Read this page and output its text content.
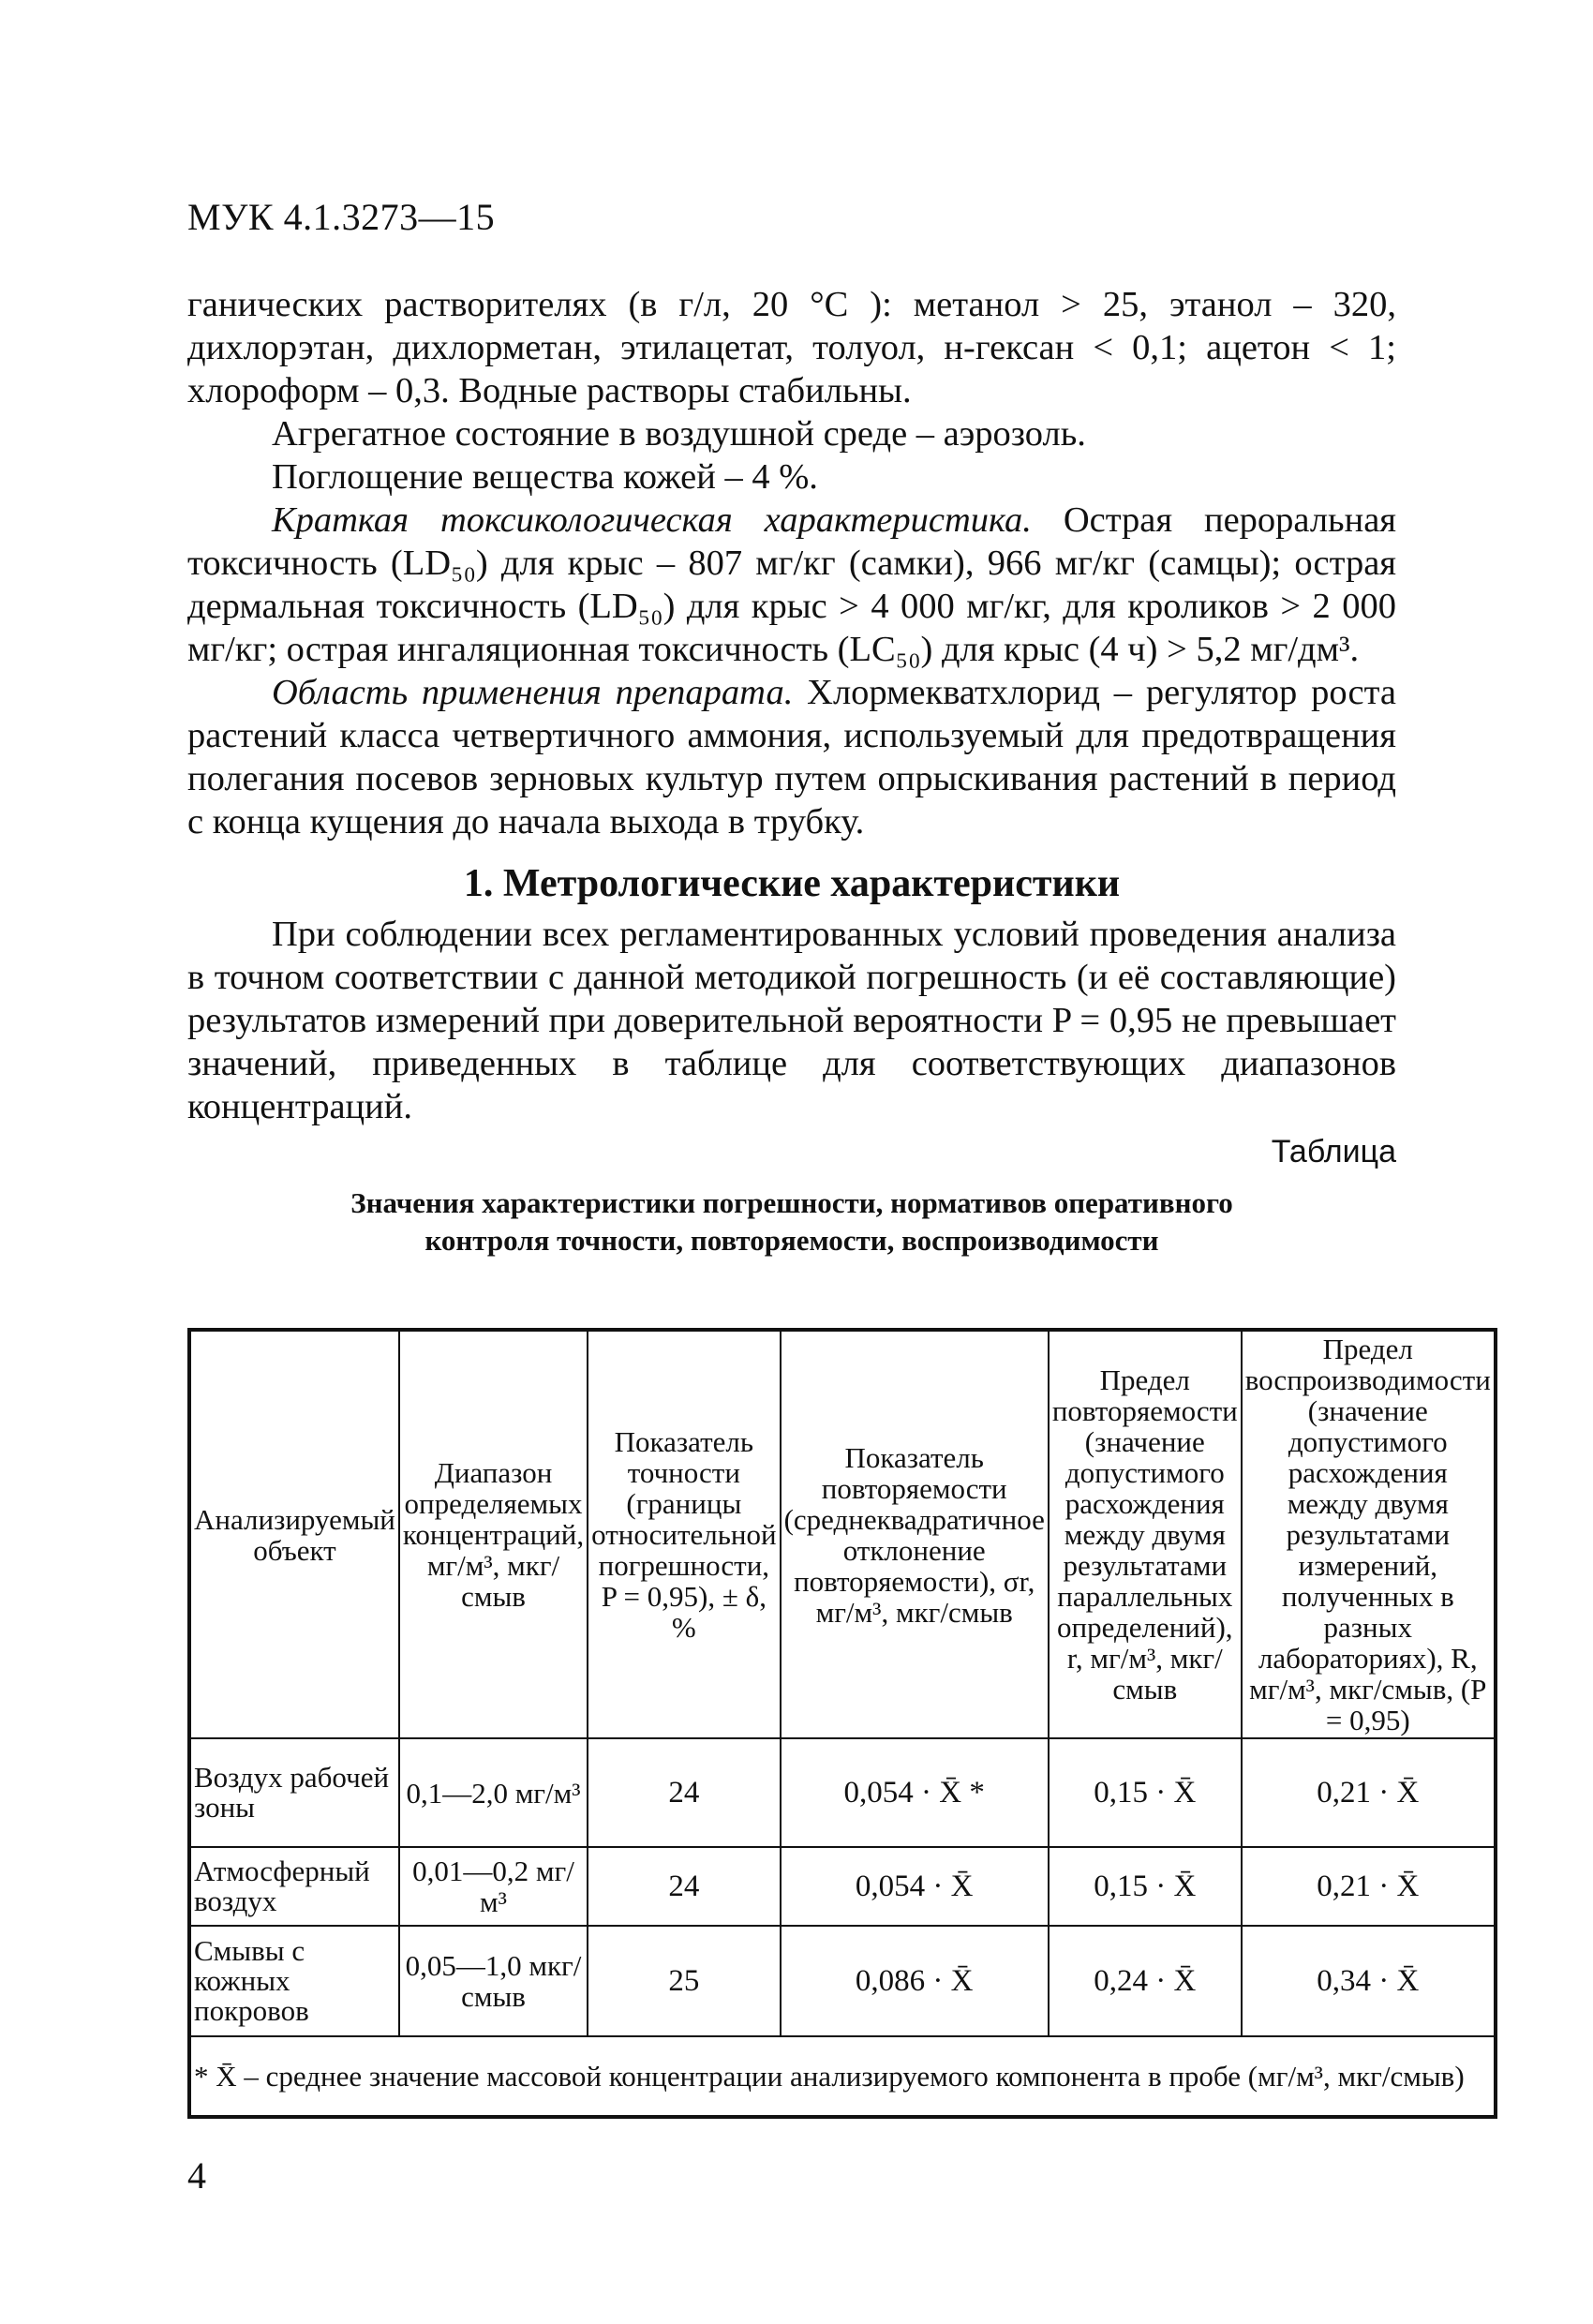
МУК 4.1.3273—15

ганических растворителях (в г/л, 20 °C ): метанол > 25, этанол – 320, дихлорэтан, дихлорметан, этилацетат, толуол, н-гексан < 0,1; ацетон < 1; хлороформ – 0,3. Водные растворы стабильны.

Агрегатное состояние в воздушной среде – аэрозоль.

Поглощение вещества кожей – 4 %.

Краткая токсикологическая характеристика. Острая пероральная токсичность (LD₅₀) для крыс – 807 мг/кг (самки), 966 мг/кг (самцы); острая дермальная токсичность (LD₅₀) для крыс > 4 000 мг/кг, для кроликов > 2 000 мг/кг; острая ингаляционная токсичность (LC₅₀) для крыс (4 ч) > 5,2 мг/дм³.

Область применения препарата. Хлормекватхлорид – регулятор роста растений класса четвертичного аммония, используемый для предотвращения полегания посевов зерновых культур путем опрыскивания растений в период с конца кущения до начала выхода в трубку.

1. Метрологические характеристики

При соблюдении всех регламентированных условий проведения анализа в точном соответствии с данной методикой погрешность (и её составляющие) результатов измерений при доверительной вероятности P = 0,95 не превышает значений, приведенных в таблице для соответствующих диапазонов концентраций.

Таблица
Значения характеристики погрешности, нормативов оперативного
контроля точности, повторяемости, воспроизводимости
Анализируемый объект	Диапазон определяемых концентраций, мг/м³, мкг/смыв	Показатель точности (границы относительной погрешности, P = 0,95), ± δ, %	Показатель повторяемости (среднеквадратичное отклонение повторяемости), σr, мг/м³, мкг/смыв	Предел повторяемости (значение допустимого расхождения между двумя результатами параллельных определений), r, мг/м³, мкг/смыв	Предел воспроизводимости (значение допустимого расхождения между двумя результатами измерений, полученных в разных лабораториях), R, мг/м³, мкг/смыв, (P = 0,95)
Воздух рабочей зоны	0,1—2,0 мг/м³	24	0,054 · X̄ *	0,15 · X̄	0,21 · X̄
Атмосферный воздух	0,01—0,2 мг/м³	24	0,054 · X̄	0,15 · X̄	0,21 · X̄
Смывы с кожных покровов	0,05—1,0 мкг/смыв	25	0,086 · X̄	0,24 · X̄	0,34 · X̄
* X̄ – среднее значение массовой концентрации анализируемого компонента в пробе (мг/м³, мкг/смыв)					
4
